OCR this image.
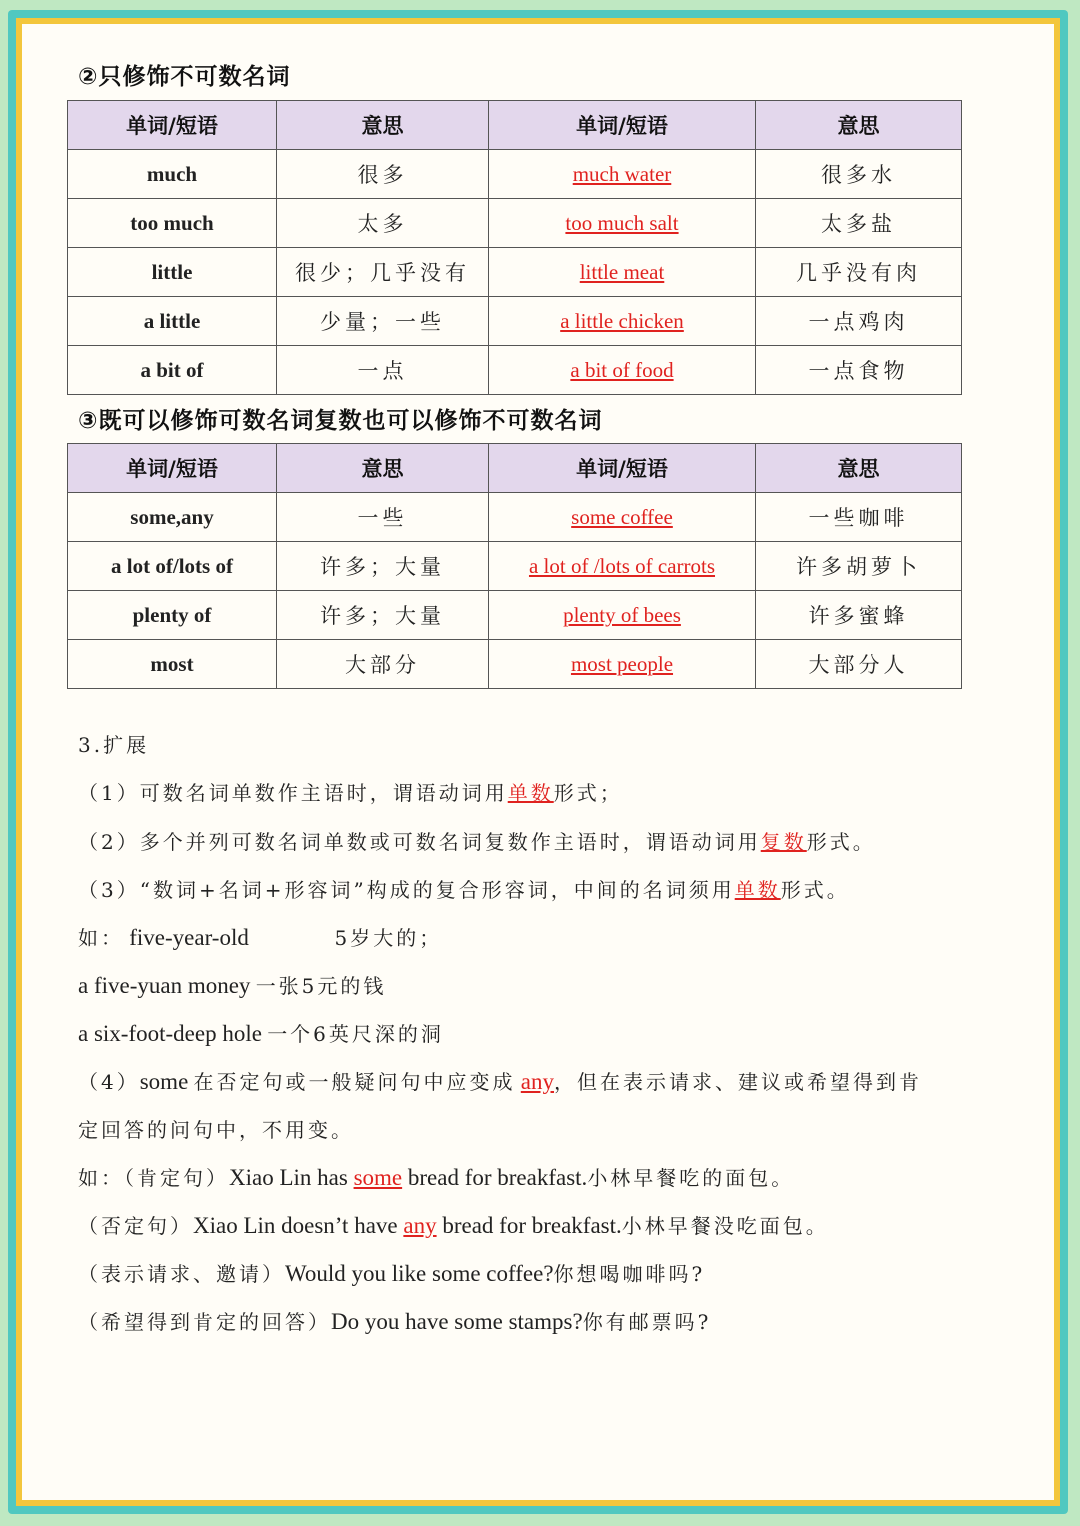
②只修饰不可数名词
单词/短语	意思	单词/短语	意思
much	很多	much water	很多水
too much	太多	too much salt	太多盐
little	很少；几乎没有	little meat	几乎没有肉
a little	少量；一些	a little chicken	一点鸡肉
a bit of	一点	a bit of food	一点食物
③既可以修饰可数名词复数也可以修饰不可数名词
单词/短语	意思	单词/短语	意思
some,any	一些	some coffee	一些咖啡
a lot of/lots of	许多；大量	a lot of /lots of carrots	许多胡萝卜
plenty of	许多；大量	plenty of bees	许多蜜蜂
most	大部分	most people	大部分人
3.扩展
（1）可数名词单数作主语时，谓语动词用单数形式；
（2）多个并列可数名词单数或可数名词复数作主语时，谓语动词用复数形式。
（3）“数词+名词+形容词”构成的复合形容词，中间的名词须用单数形式。
如： five-year-old	5岁大的；
a five-yuan money 一张5元的钱
a six-foot-deep hole 一个6英尺深的洞
（4）some 在否定句或一般疑问句中应变成 any，但在表示请求、建议或希望得到肯
定回答的问句中，不用变。
如：（肯定句）Xiao Lin has some bread for breakfast.小林早餐吃的面包。
（否定句）Xiao Lin doesn’t have any bread for breakfast.小林早餐没吃面包。
（表示请求、邀请）Would you like some coffee?你想喝咖啡吗?
（希望得到肯定的回答）Do you have some stamps?你有邮票吗?
